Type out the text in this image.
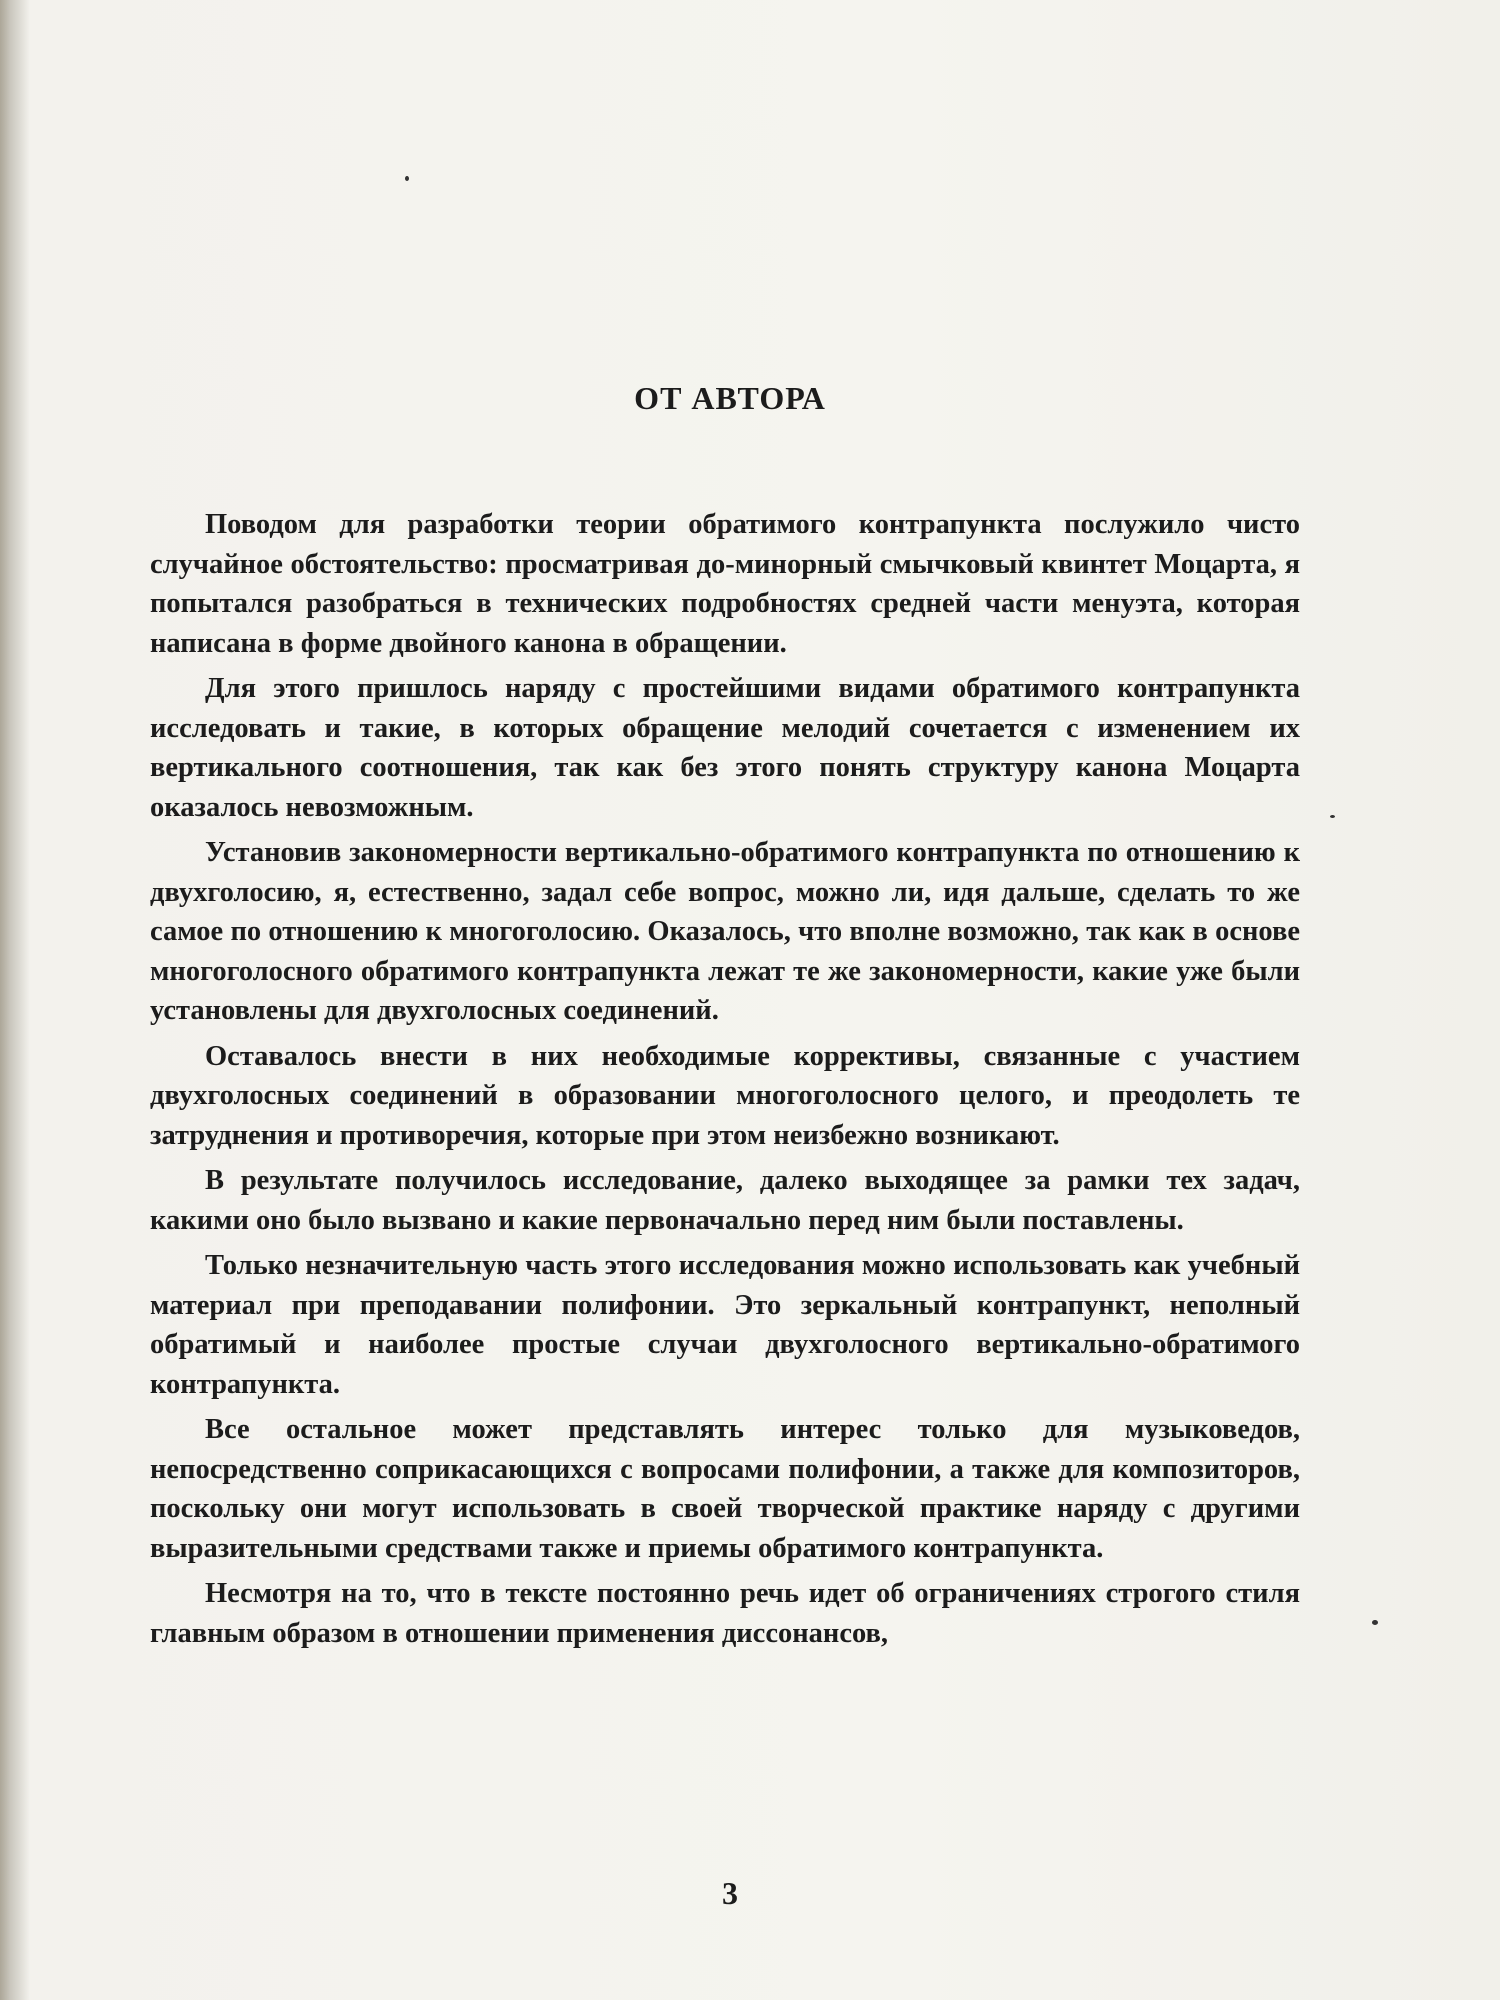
ОТ АВТОРА

Поводом для разработки теории обратимого контрапункта послужило чисто случайное обстоятельство: просматривая до-минорный смычковый квинтет Моцарта, я попытался разобраться в технических подробностях средней части менуэта, которая написана в форме двойного канона в обращении.

Для этого пришлось наряду с простейшими видами обратимого контрапункта исследовать и такие, в которых обращение мелодий сочетается с изменением их вертикального соотношения, так как без этого понять структуру канона Моцарта оказалось невозможным.

Установив закономерности вертикально-обратимого контрапункта по отношению к двухголосию, я, естественно, задал себе вопрос, можно ли, идя дальше, сделать то же самое по отношению к многоголосию. Оказалось, что вполне возможно, так как в основе многоголосного обратимого контрапункта лежат те же закономерности, какие уже были установлены для двухголосных соединений.

Оставалось внести в них необходимые коррективы, связанные с участием двухголосных соединений в образовании многоголосного целого, и преодолеть те затруднения и противоречия, которые при этом неизбежно возникают.

В результате получилось исследование, далеко выходящее за рамки тех задач, какими оно было вызвано и какие первоначально перед ним были поставлены.

Только незначительную часть этого исследования можно использовать как учебный материал при преподавании полифонии. Это зеркальный контрапункт, неполный обратимый и наиболее простые случаи двухголосного вертикально-обратимого контрапункта.

Все остальное может представлять интерес только для музыковедов, непосредственно соприкасающихся с вопросами полифонии, а также для композиторов, поскольку они могут использовать в своей творческой практике наряду с другими выразительными средствами также и приемы обратимого контрапункта.

Несмотря на то, что в тексте постоянно речь идет об ограничениях строгого стиля главным образом в отношении применения диссонансов,

3
